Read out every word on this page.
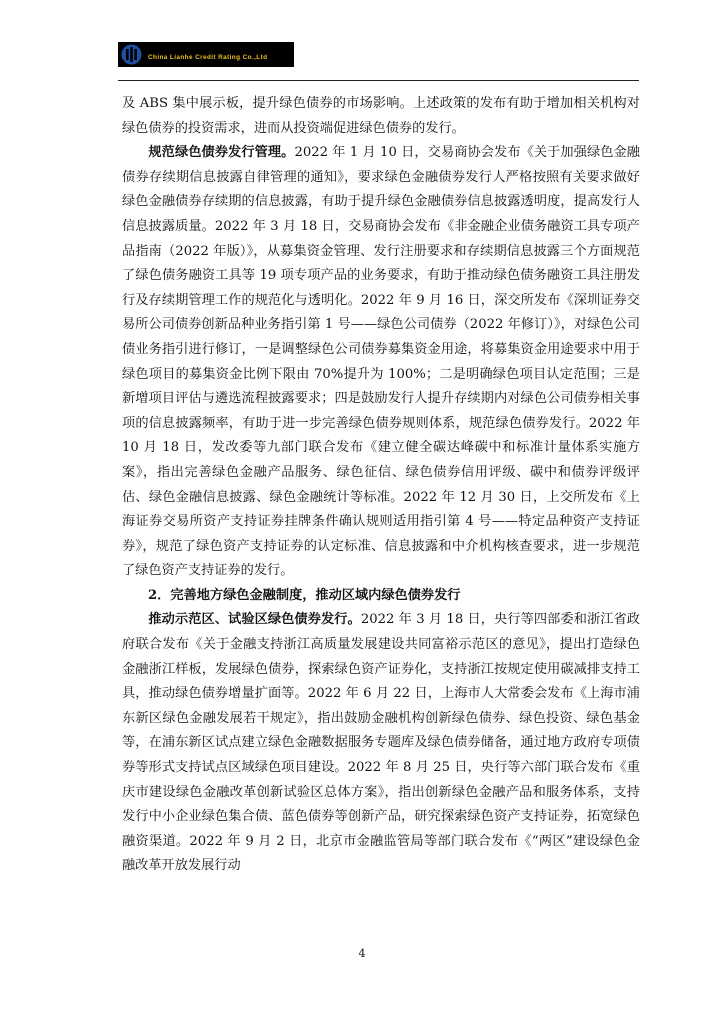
China Lianhe Credit Rating Co.,Ltd

及 ABS 集中展示板，提升绿色债券的市场影响。上述政策的发布有助于增加相关机构对绿色债券的投资需求，进而从投资端促进绿色债券的发行。

规范绿色债券发行管理。2022 年 1 月 10 日，交易商协会发布《关于加强绿色金融债券存续期信息披露自律管理的通知》，要求绿色金融债券发行人严格按照有关要求做好绿色金融债券存续期的信息披露，有助于提升绿色金融债券信息披露透明度，提高发行人信息披露质量。2022 年 3 月 18 日，交易商协会发布《非金融企业债务融资工具专项产品指南（2022 年版）》，从募集资金管理、发行注册要求和存续期信息披露三个方面规范了绿色债务融资工具等 19 项专项产品的业务要求，有助于推动绿色债务融资工具注册发行及存续期管理工作的规范化与透明化。2022 年 9 月 16 日，深交所发布《深圳证券交易所公司债券创新品种业务指引第 1 号——绿色公司债券（2022 年修订）》，对绿色公司债业务指引进行修订，一是调整绿色公司债券募集资金用途，将募集资金用途要求中用于绿色项目的募集资金比例下限由 70%提升为 100%；二是明确绿色项目认定范围；三是新增项目评估与遴选流程披露要求；四是鼓励发行人提升存续期内对绿色公司债券相关事项的信息披露频率，有助于进一步完善绿色债券规则体系，规范绿色债券发行。2022 年 10 月 18 日，发改委等九部门联合发布《建立健全碳达峰碳中和标准计量体系实施方案》，指出完善绿色金融产品服务、绿色征信、绿色债券信用评级、碳中和债券评级评估、绿色金融信息披露、绿色金融统计等标准。2022 年 12 月 30 日，上交所发布《上海证券交易所资产支持证券挂牌条件确认规则适用指引第 4 号——特定品种资产支持证券》，规范了绿色资产支持证券的认定标准、信息披露和中介机构核查要求，进一步规范了绿色资产支持证券的发行。

2．完善地方绿色金融制度，推动区域内绿色债券发行

推动示范区、试验区绿色债券发行。2022 年 3 月 18 日，央行等四部委和浙江省政府联合发布《关于金融支持浙江高质量发展建设共同富裕示范区的意见》，提出打造绿色金融浙江样板，发展绿色债券，探索绿色资产证券化，支持浙江按规定使用碳减排支持工具，推动绿色债券增量扩面等。2022 年 6 月 22 日，上海市人大常委会发布《上海市浦东新区绿色金融发展若干规定》，指出鼓励金融机构创新绿色债券、绿色投资、绿色基金等，在浦东新区试点建立绿色金融数据服务专题库及绿色债券储备，通过地方政府专项债券等形式支持试点区域绿色项目建设。2022 年 8 月 25 日，央行等六部门联合发布《重庆市建设绿色金融改革创新试验区总体方案》，指出创新绿色金融产品和服务体系，支持发行中小企业绿色集合债、蓝色债券等创新产品，研究探索绿色资产支持证券，拓宽绿色融资渠道。2022 年 9 月 2 日，北京市金融监管局等部门联合发布《“两区”建设绿色金融改革开放发展行动

4
